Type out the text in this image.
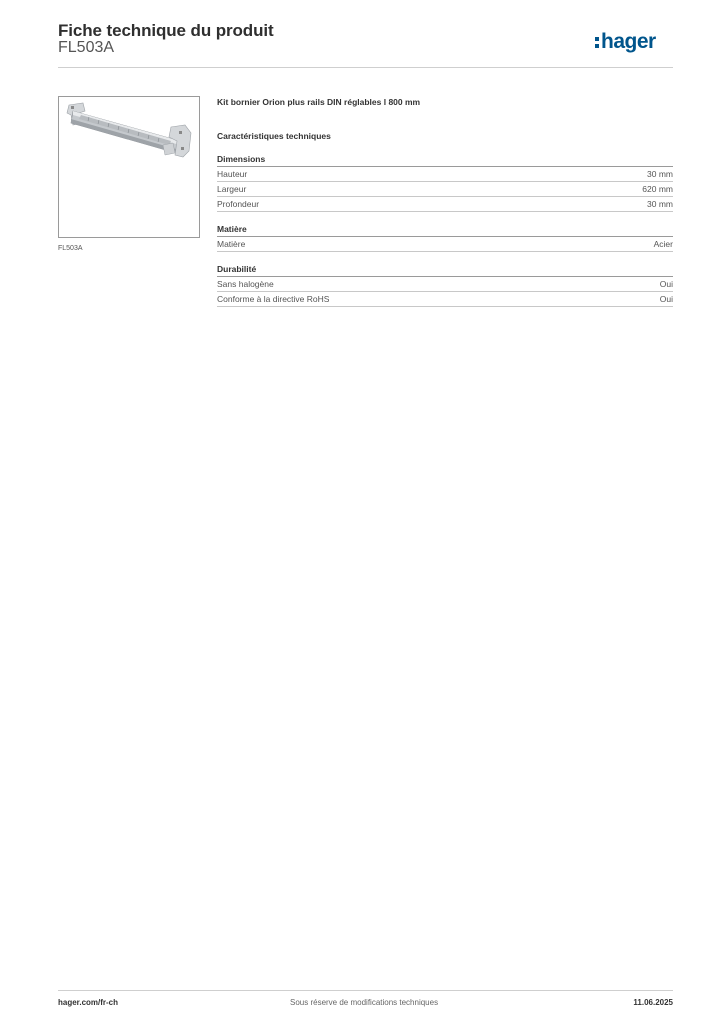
Fiche technique du produit
FL503A	hager
FL503A
Kit bornier Orion plus rails DIN réglables l 800 mm
Caractéristiques techniques
Dimensions
Hauteur	30 mm
Largeur	620 mm
Profondeur	30 mm
Matière
Matière	Acier
Durabilité
Sans halogène	Oui
Conforme à la directive RoHS	Oui
hager.com/fr-ch	Sous réserve de modifications techniques	11.06.2025
